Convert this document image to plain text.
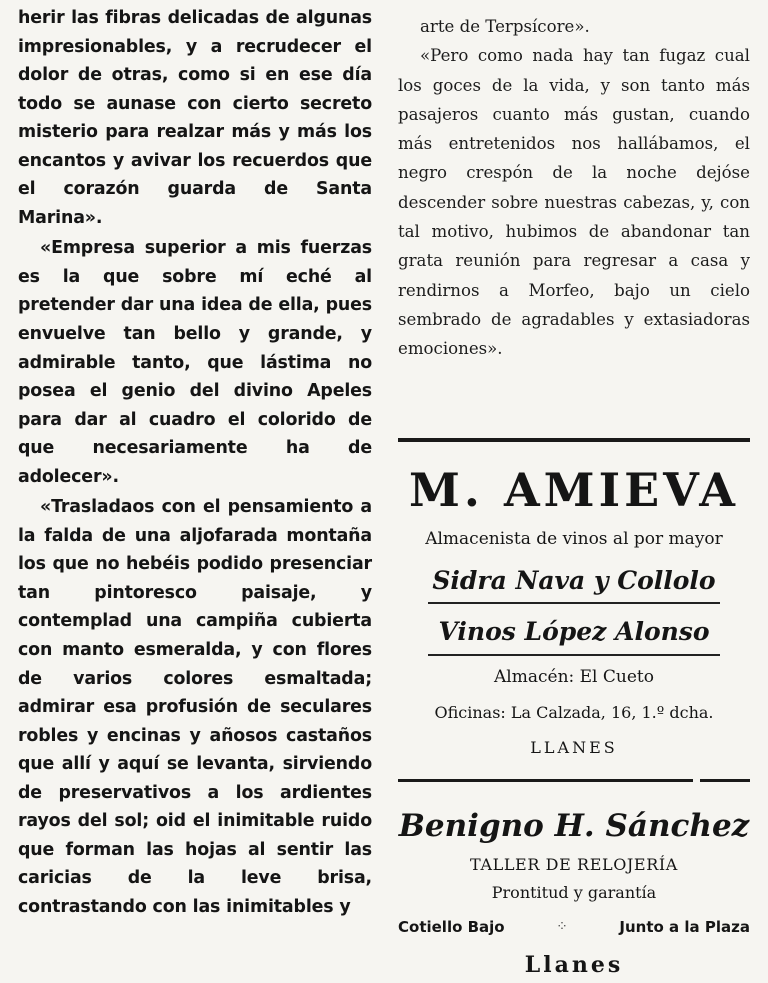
herir las fibras delicadas de algunas impresionables, y a recrudecer el dolor de otras, como si en ese día todo se aunase con cierto secreto misterio para realzar más y más los encantos y avivar los recuerdos que el corazón guarda de Santa Marina».

«Empresa superior a mis fuerzas es la que sobre mí eché al pretender dar una idea de ella, pues envuelve tan bello y grande, y admirable tanto, que lástima no posea el genio del divino Apeles para dar al cuadro el colorido de que necesariamente ha de adolecer».

«Trasladaos con el pensamiento a la falda de una aljofarada montaña los que no hebéis podido presenciar tan pintoresco paisaje, y contemplad una campiña cubierta con manto esmeralda, y con flores de varios colores esmaltada; admirar esa profusión de seculares robles y encinas y añosos castaños que allí y aquí se levanta, sirviendo de preservativos a los ardientes rayos del sol; oid el inimitable ruido que forman las hojas al sentir las caricias de la leve brisa, contrastando con las inimitables y

arte de Terpsícore».

«Pero como nada hay tan fugaz cual los goces de la vida, y son tanto más pasajeros cuanto más gustan, cuando más entretenidos nos hallábamos, el negro crespón de la noche dejóse descender sobre nuestras cabezas, y, con tal motivo, hubimos de abandonar tan grata reunión para regresar a casa y rendirnos a Morfeo, bajo un cielo sembrado de agradables y extasiadoras emociones».

M. AMIEVA
Almacenista de vinos al por mayor
Sidra Nava y Collolo
Vinos López Alonso
Almacén: El Cueto
Oficinas: La Calzada, 16, 1.º dcha.
LLANES
Benigno H. Sánchez
TALLER DE RELOJERÍA
Prontitud y garantía
Cotiello Bajo	⁘	Junto a la Plaza
Llanes
